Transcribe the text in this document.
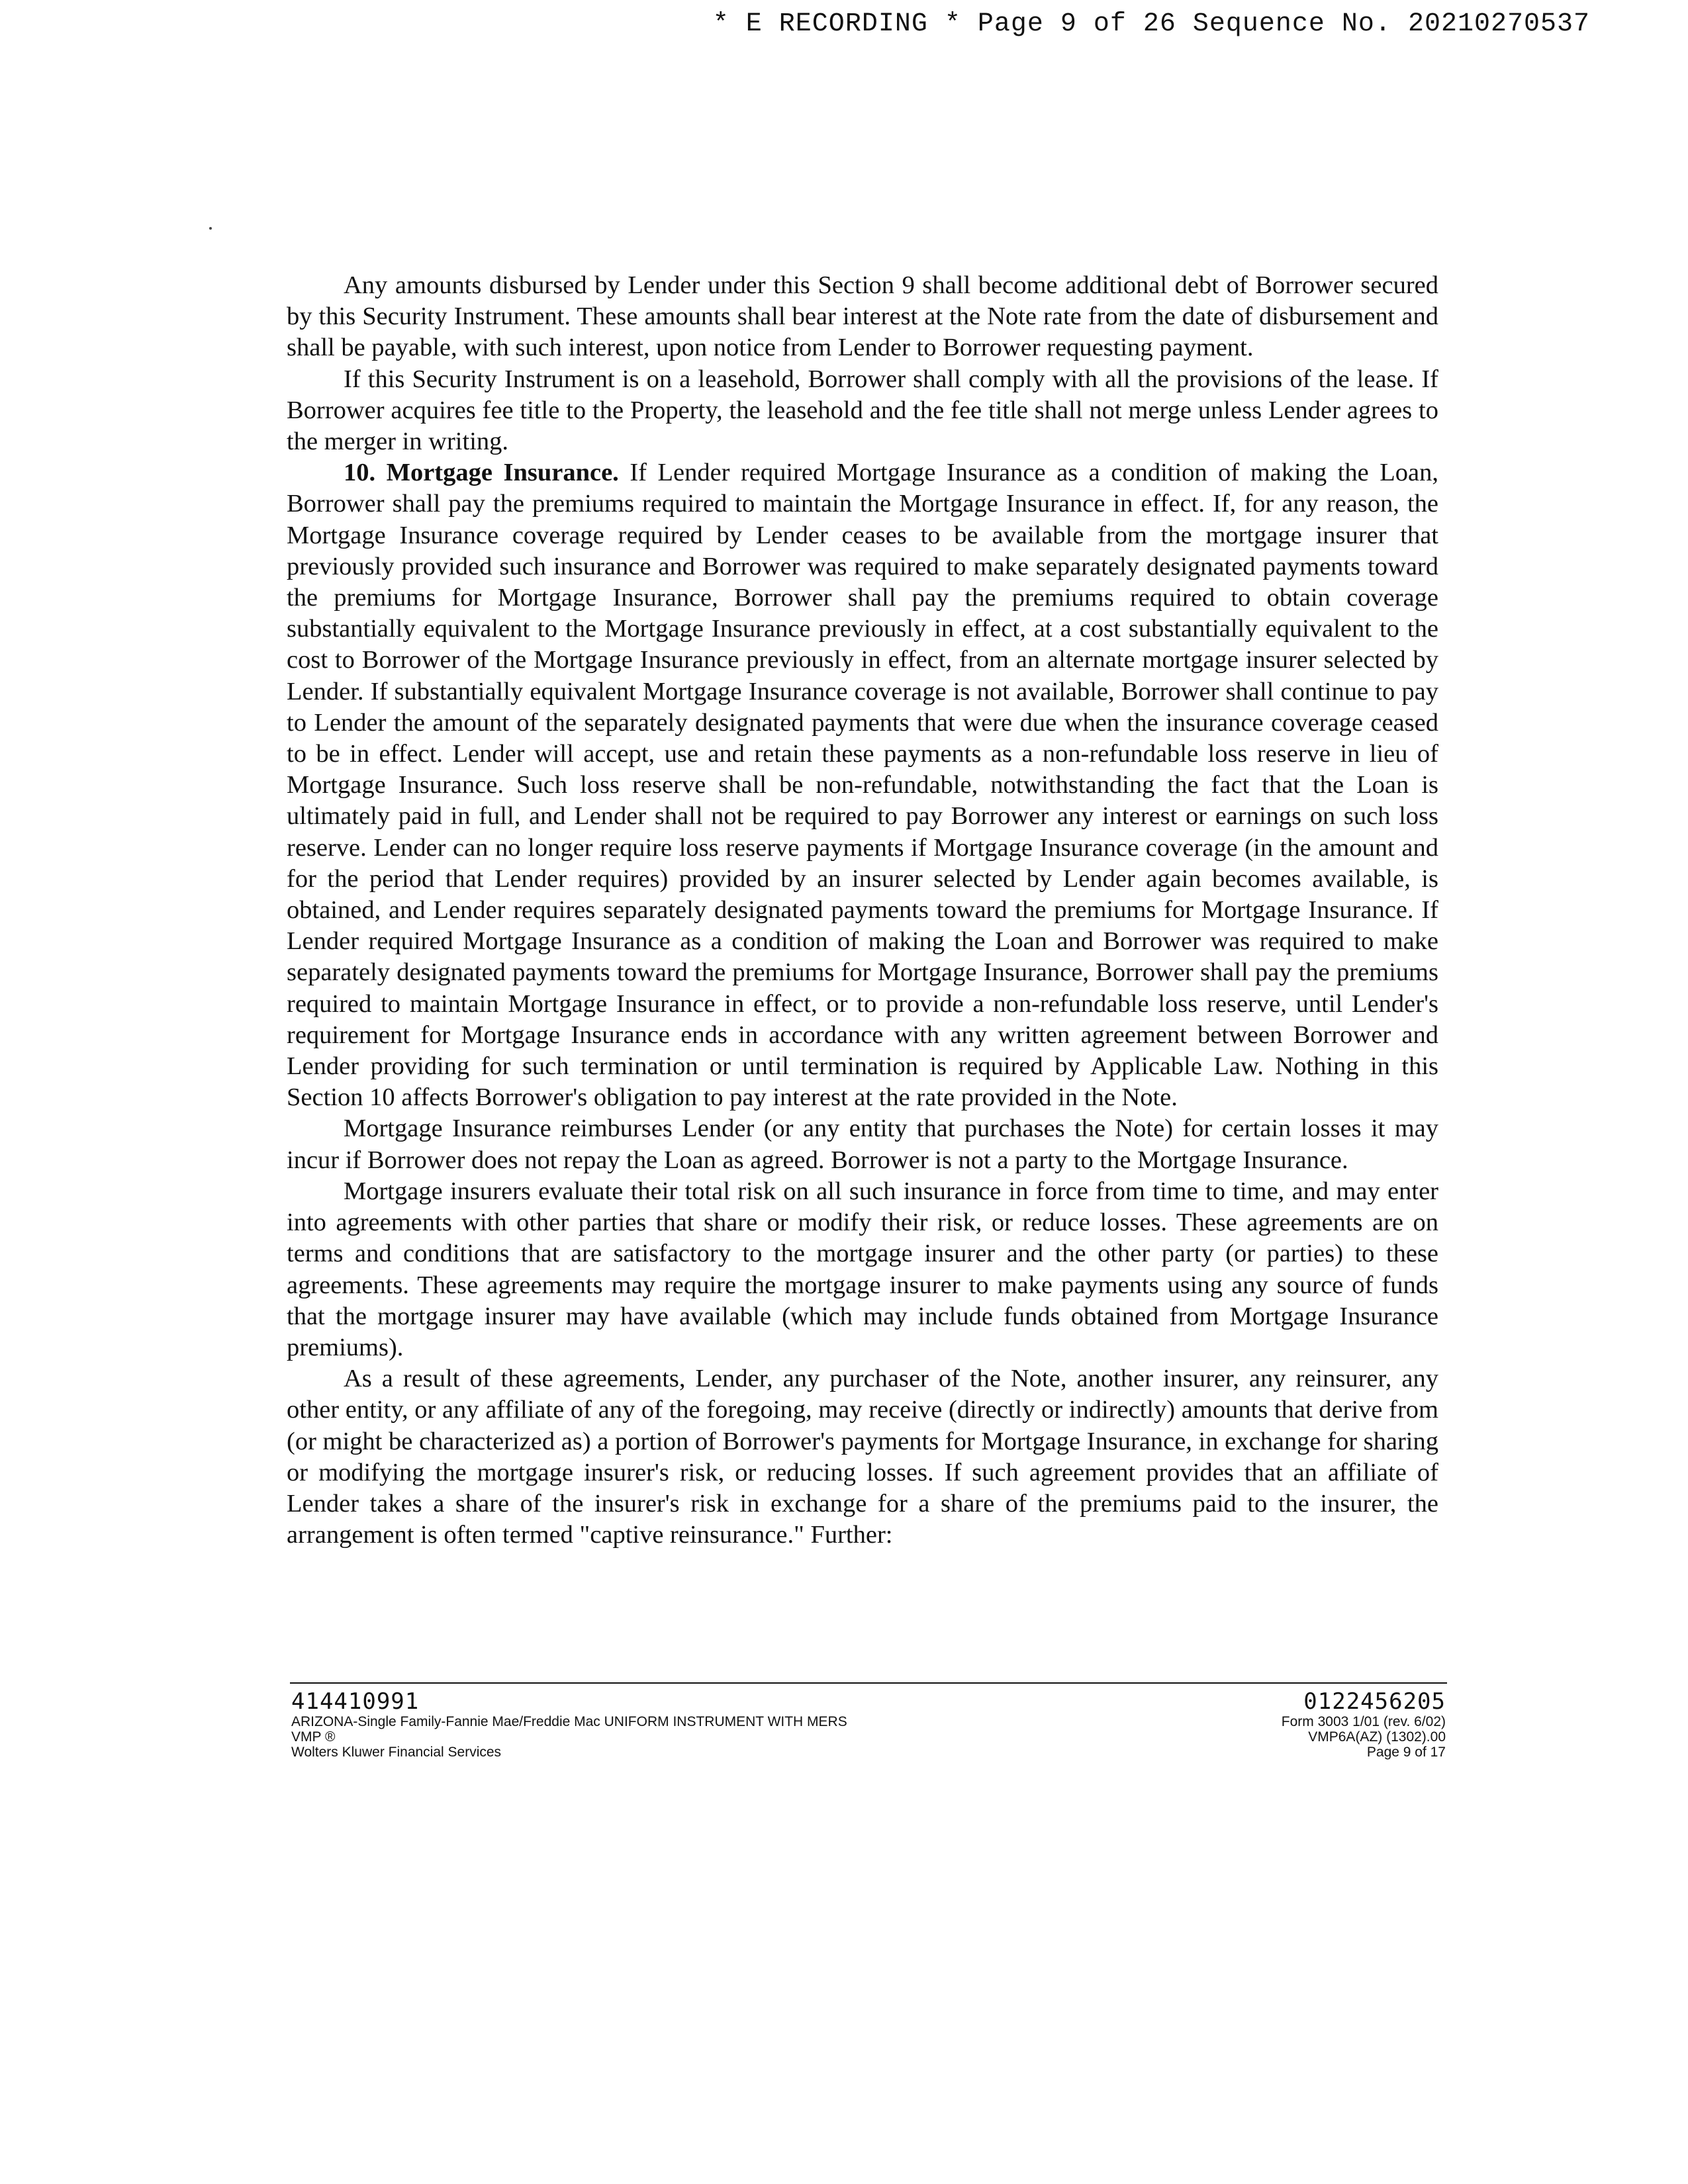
* E RECORDING * Page 9 of 26 Sequence No. 20210270537

Any amounts disbursed by Lender under this Section 9 shall become additional debt of Borrower secured by this Security Instrument. These amounts shall bear interest at the Note rate from the date of disbursement and shall be payable, with such interest, upon notice from Lender to Borrower requesting payment.

If this Security Instrument is on a leasehold, Borrower shall comply with all the provisions of the lease. If Borrower acquires fee title to the Property, the leasehold and the fee title shall not merge unless Lender agrees to the merger in writing.

10. Mortgage Insurance. If Lender required Mortgage Insurance as a condition of making the Loan, Borrower shall pay the premiums required to maintain the Mortgage Insurance in effect. If, for any reason, the Mortgage Insurance coverage required by Lender ceases to be available from the mortgage insurer that previously provided such insurance and Borrower was required to make separately designated payments toward the premiums for Mortgage Insurance, Borrower shall pay the premiums required to obtain coverage substantially equivalent to the Mortgage Insurance previously in effect, at a cost substantially equivalent to the cost to Borrower of the Mortgage Insurance previously in effect, from an alternate mortgage insurer selected by Lender. If substantially equivalent Mortgage Insurance coverage is not available, Borrower shall continue to pay to Lender the amount of the separately designated payments that were due when the insurance coverage ceased to be in effect. Lender will accept, use and retain these payments as a non-refundable loss reserve in lieu of Mortgage Insurance. Such loss reserve shall be non-refundable, notwithstanding the fact that the Loan is ultimately paid in full, and Lender shall not be required to pay Borrower any interest or earnings on such loss reserve. Lender can no longer require loss reserve payments if Mortgage Insurance coverage (in the amount and for the period that Lender requires) provided by an insurer selected by Lender again becomes available, is obtained, and Lender requires separately designated payments toward the premiums for Mortgage Insurance. If Lender required Mortgage Insurance as a condition of making the Loan and Borrower was required to make separately designated payments toward the premiums for Mortgage Insurance, Borrower shall pay the premiums required to maintain Mortgage Insurance in effect, or to provide a non-refundable loss reserve, until Lender's requirement for Mortgage Insurance ends in accordance with any written agreement between Borrower and Lender providing for such termination or until termination is required by Applicable Law. Nothing in this Section 10 affects Borrower's obligation to pay interest at the rate provided in the Note.

Mortgage Insurance reimburses Lender (or any entity that purchases the Note) for certain losses it may incur if Borrower does not repay the Loan as agreed. Borrower is not a party to the Mortgage Insurance.

Mortgage insurers evaluate their total risk on all such insurance in force from time to time, and may enter into agreements with other parties that share or modify their risk, or reduce losses. These agreements are on terms and conditions that are satisfactory to the mortgage insurer and the other party (or parties) to these agreements. These agreements may require the mortgage insurer to make payments using any source of funds that the mortgage insurer may have available (which may include funds obtained from Mortgage Insurance premiums).

As a result of these agreements, Lender, any purchaser of the Note, another insurer, any reinsurer, any other entity, or any affiliate of any of the foregoing, may receive (directly or indirectly) amounts that derive from (or might be characterized as) a portion of Borrower's payments for Mortgage Insurance, in exchange for sharing or modifying the mortgage insurer's risk, or reducing losses. If such agreement provides that an affiliate of Lender takes a share of the insurer's risk in exchange for a share of the premiums paid to the insurer, the arrangement is often termed "captive reinsurance." Further:

414410991
ARIZONA-Single Family-Fannie Mae/Freddie Mac UNIFORM INSTRUMENT WITH MERS
VMP ®
Wolters Kluwer Financial Services
0122456205
Form 3003 1/01 (rev. 6/02)
VMP6A(AZ) (1302).00
Page 9 of 17
